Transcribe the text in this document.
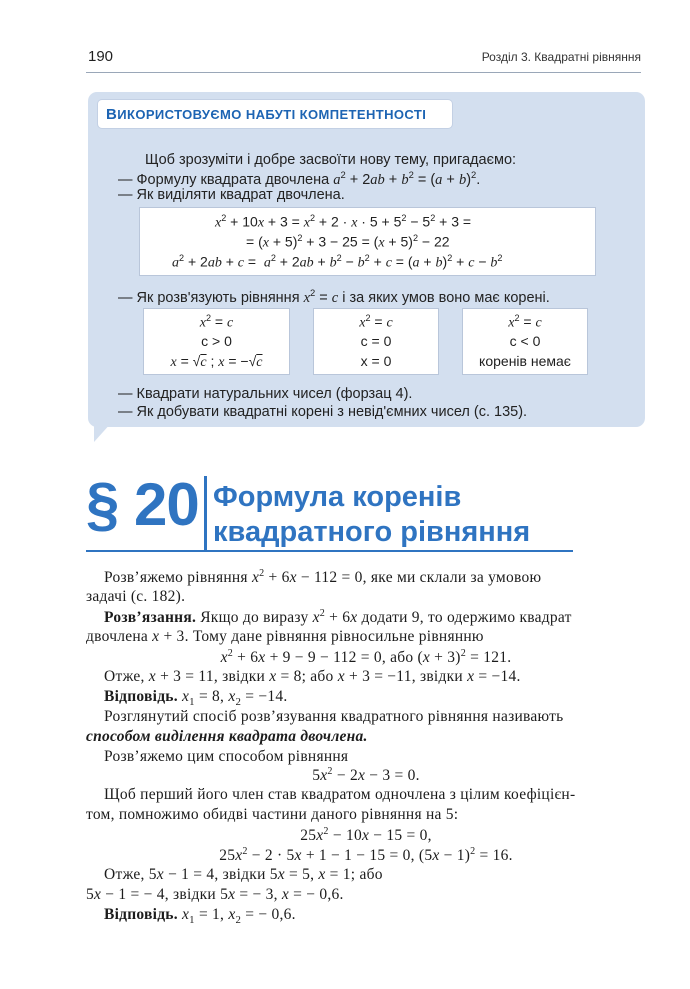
190	Розділ 3. Квадратні рівняння
ВИКОРИСТОВУЄМО НАБУТІ КОМПЕТЕНТНОСТІ
Щоб зрозуміти і добре засвоїти нову тему, пригадаємо:
— Формулу квадрата двочлена $a^2 + 2ab + b^2 = (a + b)^2$.
— Як виділяти квадрат двочлена.
$x^2 + 10x + 3 = x^2 + 2 \cdot x \cdot 5 + 5^2 - 5^2 + 3$ =
= $(x + 5)^2 + 3 - 25 = (x + 5)^2 - 22$
$a^2 + 2ab + c = a^2 + 2ab + b^2 - b^2 + c = (a + b)^2 + c - b^2$
— Як розв'язують рівняння $x^2 = c$ і за яких умов воно має корені.
$x^2 = c$
c > 0
x = √c ; x = −√c
$x^2 = c$
c = 0
x = 0
$x^2 = c$
c < 0
коренів немає
— Квадрати натуральних чисел (форзац 4).
— Як добувати квадратні корені з невід'ємних чисел (с. 135).
§ 20 Формула коренів
квадратного рівняння
Розв’яжемо рівняння $x^2 + 6x - 112 = 0$, яке ми склали за умовою
задачі (с. 182).
Розв’язання. Якщо до виразу $x^2 + 6x$ додати 9, то одержимо квадрат
двочлена x + 3. Тому дане рівняння рівносильне рівнянню
$x^2 + 6x + 9 - 9 - 112 = 0$, або $(x + 3)^2 = 121$.
Отже, x + 3 = 11, звідки x = 8; або x + 3 = −11, звідки x = −14.
Відповідь. $x_1 = 8$, $x_2 = -14$.
Розглянутий спосіб розв’язування квадратного рівняння називають
способом виділення квадрата двочлена.
Розв’яжемо цим способом рівняння
$5x^2 - 2x - 3 = 0$.
Щоб перший його член став квадратом одночлена з цілим коефіцієн-
том, помножимо обидві частини даного рівняння на 5:
$25x^2 - 10x - 15 = 0$,
$25x^2 - 2 \cdot 5x + 1 - 1 - 15 = 0$, $(5x - 1)^2 = 16$.
Отже, 5x − 1 = 4, звідки 5x = 5, x = 1; або
5x − 1 = − 4, звідки 5x = − 3, x = − 0,6.
Відповідь. $x_1 = 1$, $x_2$ = − 0,6.
